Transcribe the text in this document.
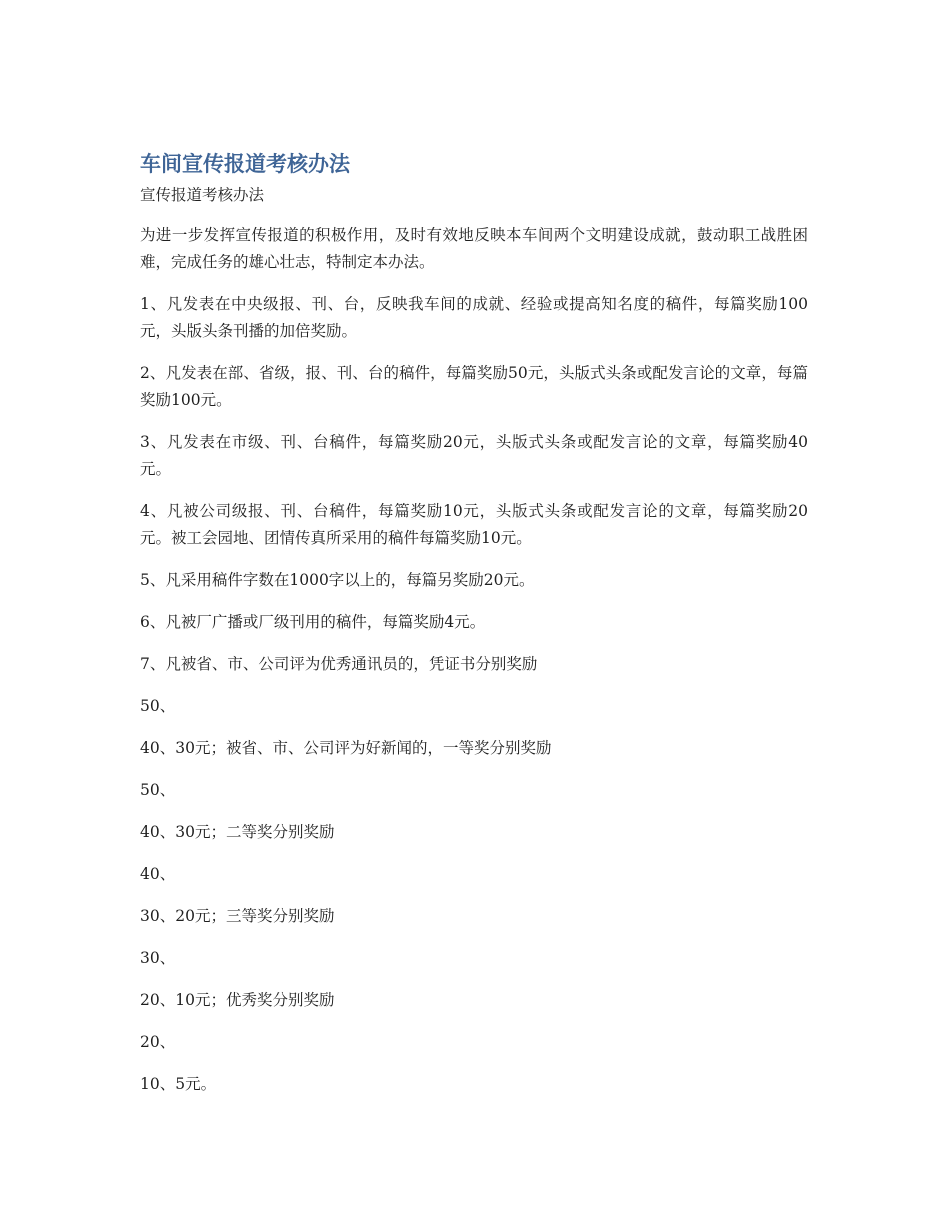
车间宣传报道考核办法
宣传报道考核办法
为进一步发挥宣传报道的积极作用，及时有效地反映本车间两个文明建设成就，鼓动职工战胜困难，完成任务的雄心壮志，特制定本办法。
1、凡发表在中央级报、刊、台，反映我车间的成就、经验或提高知名度的稿件，每篇奖励100元，头版头条刊播的加倍奖励。
2、凡发表在部、省级，报、刊、台的稿件，每篇奖励50元，头版式头条或配发言论的文章，每篇奖励100元。
3、凡发表在市级、刊、台稿件，每篇奖励20元，头版式头条或配发言论的文章，每篇奖励40元。
4、凡被公司级报、刊、台稿件，每篇奖励10元，头版式头条或配发言论的文章，每篇奖励20元。被工会园地、团情传真所采用的稿件每篇奖励10元。
5、凡采用稿件字数在1000字以上的，每篇另奖励20元。
6、凡被厂广播或厂级刊用的稿件，每篇奖励4元。
7、凡被省、市、公司评为优秀通讯员的，凭证书分别奖励
50、
40、30元；被省、市、公司评为好新闻的，一等奖分别奖励
50、
40、30元；二等奖分别奖励
40、
30、20元；三等奖分别奖励
30、
20、10元；优秀奖分别奖励
20、
10、5元。
